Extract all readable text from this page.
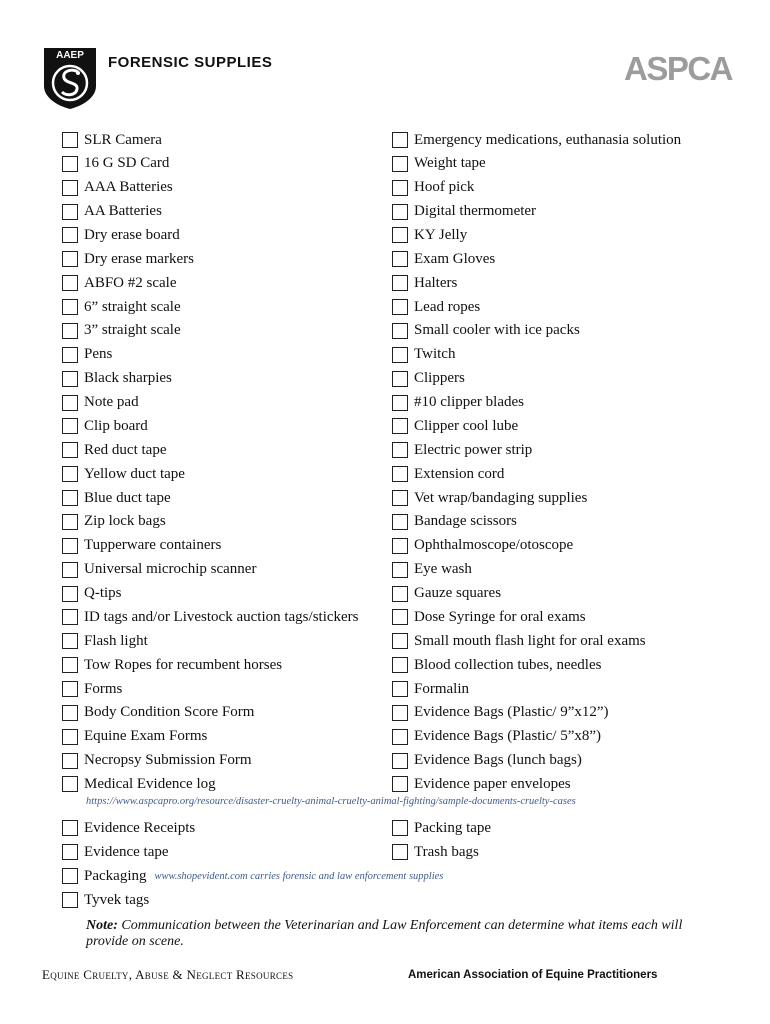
AAEP FORENSIC SUPPLIES	ASPCA
SLR Camera
16 G SD Card
AAA Batteries
AA Batteries
Dry erase board
Dry erase markers
ABFO #2 scale
6” straight scale
3” straight scale
Pens
Black sharpies
Note pad
Clip board
Red duct tape
Yellow duct tape
Blue duct tape
Zip lock bags
Tupperware containers
Universal microchip scanner
Q-tips
ID tags and/or Livestock auction tags/stickers
Flash light
Tow Ropes for recumbent horses
Forms
Body Condition Score Form
Equine Exam Forms
Necropsy Submission Form
Medical Evidence log
Emergency medications, euthanasia solution
Weight tape
Hoof pick
Digital thermometer
KY Jelly
Exam Gloves
Halters
Lead ropes
Small cooler with ice packs
Twitch
Clippers
#10 clipper blades
Clipper cool lube
Electric power strip
Extension cord
Vet wrap/bandaging supplies
Bandage scissors
Ophthalmoscope/otoscope
Eye wash
Gauze squares
Dose Syringe for oral exams
Small mouth flash light for oral exams
Blood collection tubes, needles
Formalin
Evidence Bags (Plastic/ 9”x12”)
Evidence Bags (Plastic/ 5”x8”)
Evidence Bags (lunch bags)
Evidence paper envelopes
https://www.aspcapro.org/resource/disaster-cruelty-animal-cruelty-animal-fighting/sample-documents-cruelty-cases
Evidence Receipts
Evidence tape
Packing tape
Trash bags
Packaging www.shopevident.com carries forensic and law enforcement supplies
Tyvek tags
Note: Communication between the Veterinarian and Law Enforcement can determine what items each will provide on scene.
Equine Cruelty, Abuse & Neglect Resources	American Association of Equine Practitioners
